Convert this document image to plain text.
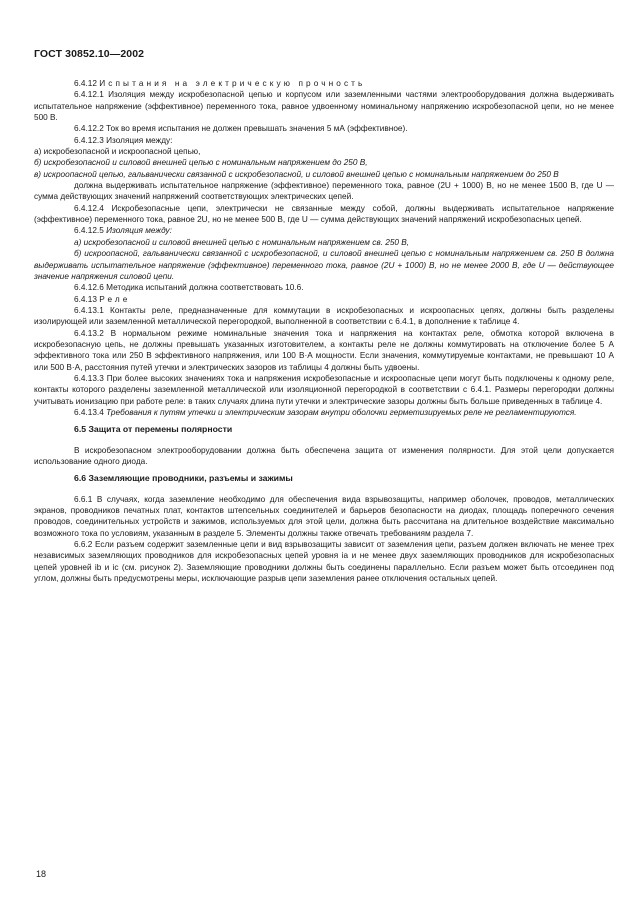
ГОСТ 30852.10—2002

6.4.12 Испытания на электрическую прочность

6.4.12.1 Изоляция между искробезопасной цепью и корпусом или заземленными частями электрооборудования должна выдерживать испытательное напряжение (эффективное) переменного тока, равное удвоенному номинальному напряжению искробезопасной цепи, но не менее 500 В.

6.4.12.2 Ток во время испытания не должен превышать значения 5 мА (эффективное).

6.4.12.3 Изоляция между:

а) искробезопасной и искроопасной цепью,

б) искробезопасной и силовой внешней цепью с номинальным напряжением до 250 В,

в) искроопасной цепью, гальванически связанной с искробезопасной, и силовой внешней цепью с номинальным напряжением до 250 В

должна выдерживать испытательное напряжение (эффективное) переменного тока, равное (2U + 1000) В, но не менее 1500 В, где U — сумма действующих значений напряжений соответствующих электрических цепей.

6.4.12.4 Искробезопасные цепи, электрически не связанные между собой, должны выдерживать испытательное напряжение (эффективное) переменного тока, равное 2U, но не менее 500 В, где U — сумма действующих значений напряжений искробезопасных цепей.

6.4.12.5 Изоляция между:

а) искробезопасной и силовой внешней цепью с номинальным напряжением св. 250 В,

б) искроопасной, гальванически связанной с искробезопасной, и силовой внешней цепью с номинальным напряжением св. 250 В должна выдерживать испытательное напряжение (эффективное) переменного тока, равное (2U + 1000) В, но не менее 2000 В, где U — действующее значение напряжения силовой цепи.

6.4.12.6 Методика испытаний должна соответствовать 10.6.

6.4.13 Реле

6.4.13.1 Контакты реле, предназначенные для коммутации в искробезопасных и искроопасных цепях, должны быть разделены изолирующей или заземленной металлической перегородкой, выполненной в соответствии с 6.4.1, в дополнение к таблице 4.

6.4.13.2 В нормальном режиме номинальные значения тока и напряжения на контактах реле, обмотка которой включена в искробезопасную цепь, не должны превышать указанных изготовителем, а контакты реле не должны коммутировать на отключение более 5 А эффективного тока или 250 В эффективного напряжения, или 100 В·А мощности. Если значения, коммутируемые контактами, не превышают 10 А или 500 В·А, расстояния путей утечки и электрических зазоров из таблицы 4 должны быть удвоены.

6.4.13.3 При более высоких значениях тока и напряжения искробезопасные и искроопасные цепи могут быть подключены к одному реле, контакты которого разделены заземленной металлической или изоляционной перегородкой в соответствии с 6.4.1. Размеры перегородки должны учитывать ионизацию при работе реле: в таких случаях длина пути утечки и электрические зазоры должны быть больше приведенных в таблице 4.

6.4.13.4 Требования к путям утечки и электрическим зазорам внутри оболочки герметизируемых реле не регламентируются.

6.5 Защита от перемены полярности

В искробезопасном электрооборудовании должна быть обеспечена защита от изменения полярности. Для этой цели допускается использование одного диода.

6.6 Заземляющие проводники, разъемы и зажимы

6.6.1 В случаях, когда заземление необходимо для обеспечения вида взрывозащиты, например оболочек, проводов, металлических экранов, проводников печатных плат, контактов штепсельных соединителей и барьеров безопасности на диодах, площадь поперечного сечения проводов, соединительных устройств и зажимов, используемых для этой цели, должна быть рассчитана на длительное воздействие максимально возможного тока по условиям, указанным в разделе 5. Элементы должны также отвечать требованиям раздела 7.

6.6.2 Если разъем содержит заземленные цепи и вид взрывозащиты зависит от заземления цепи, разъем должен включать не менее трех независимых заземляющих проводников для искробезопасных цепей уровня ia и не менее двух заземляющих проводников для искробезопасных цепей уровней ib и ic (см. рисунок 2). Заземляющие проводники должны быть соединены параллельно. Если разъем может быть отсоединен под углом, должны быть предусмотрены меры, исключающие разрыв цепи заземления ранее отключения остальных цепей.

18
